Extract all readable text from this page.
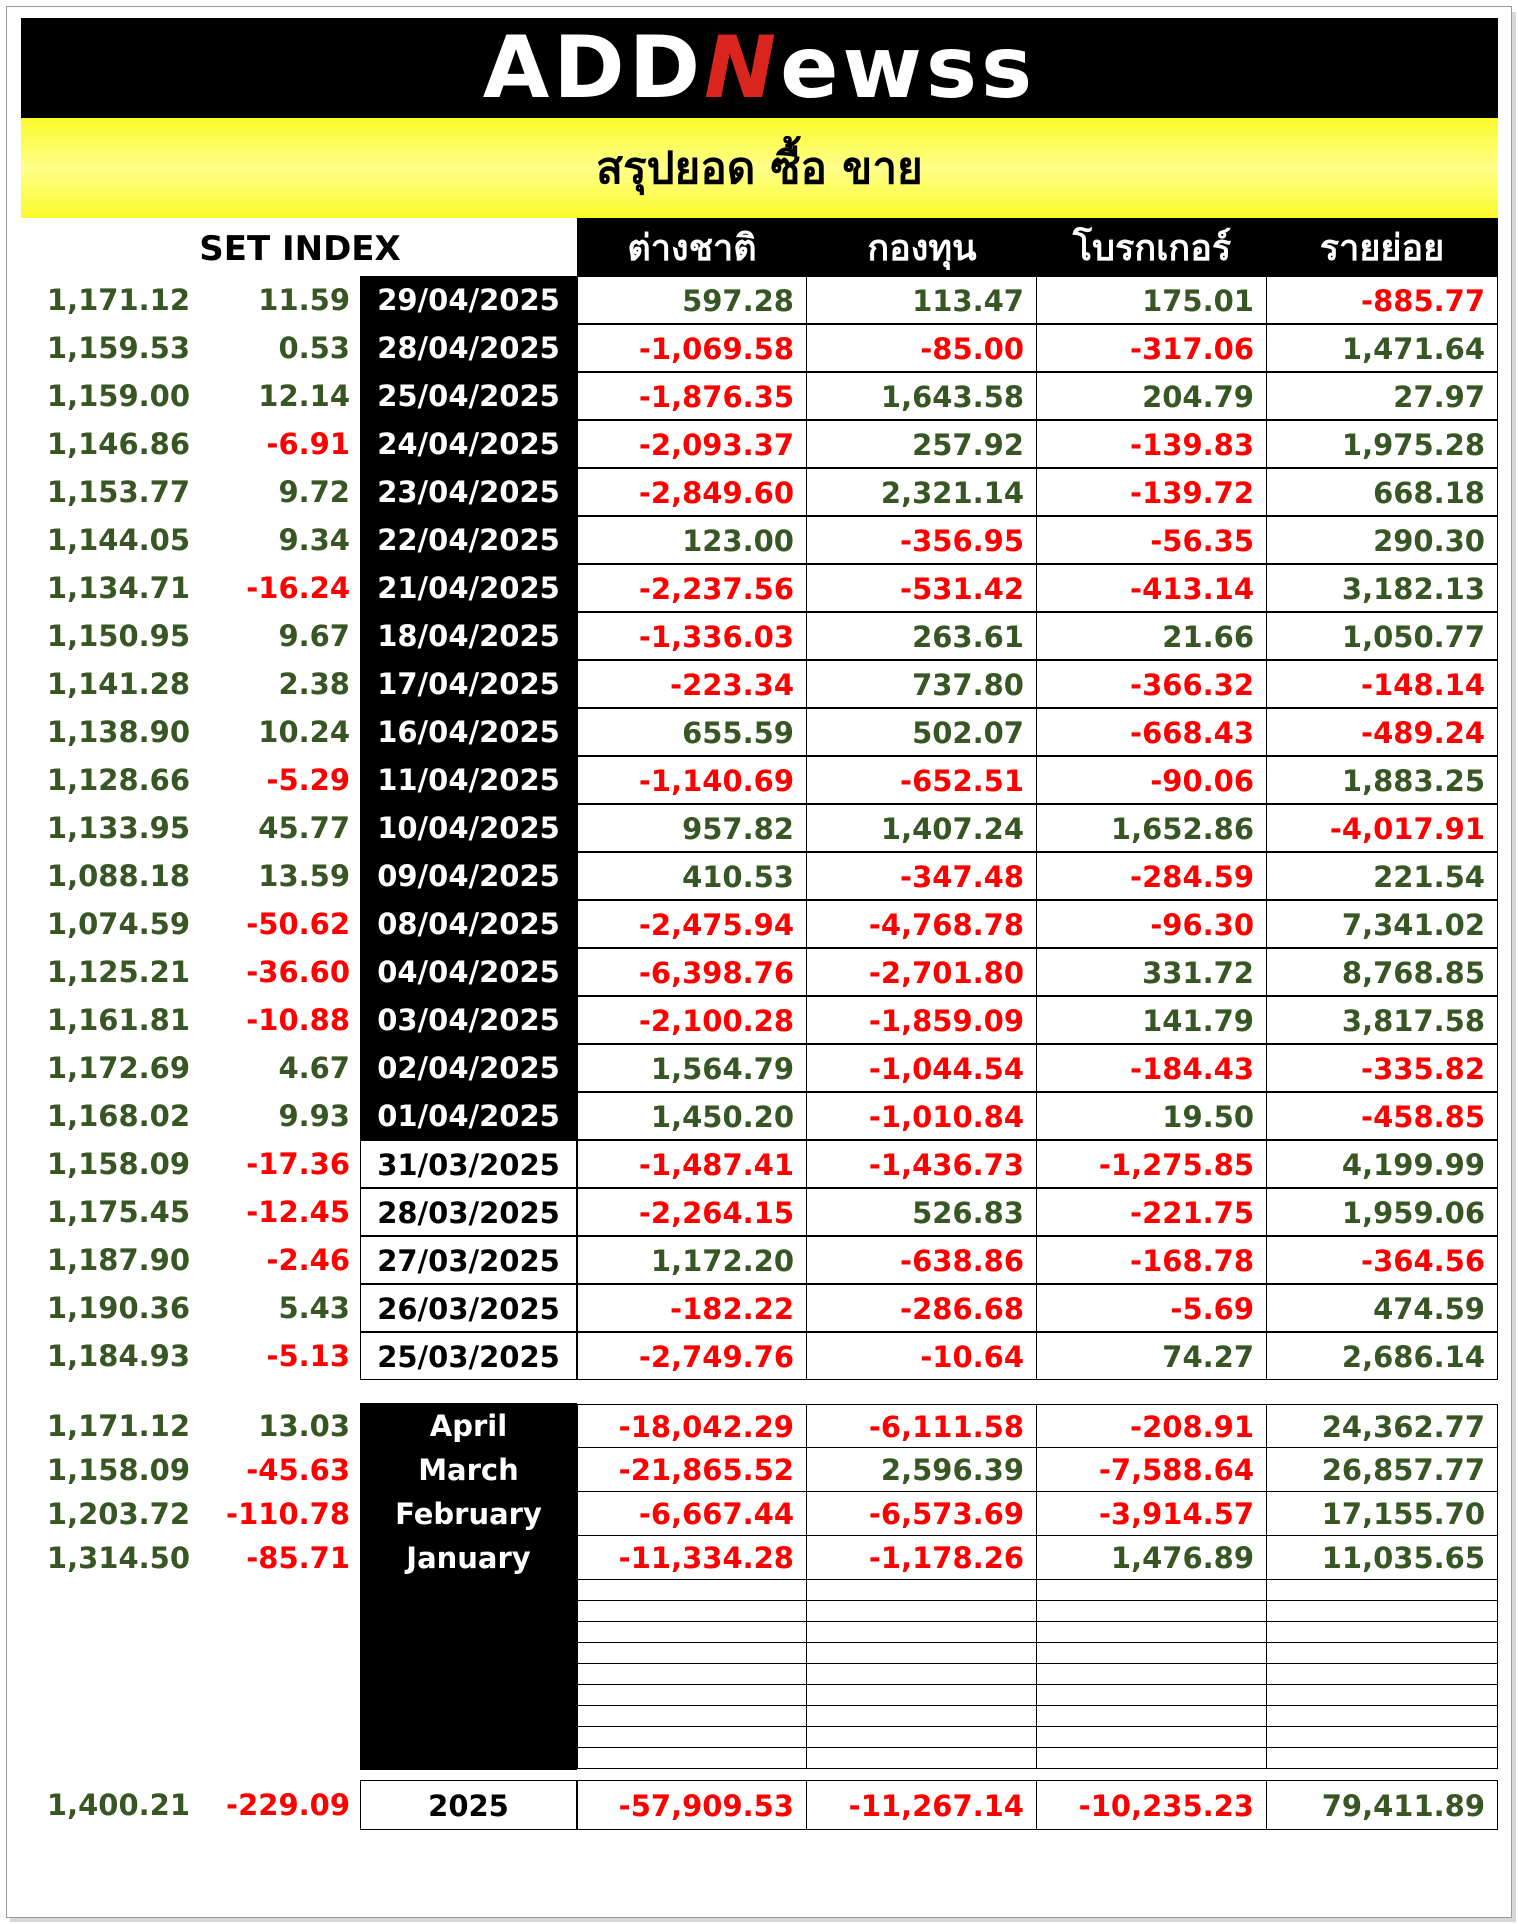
ADD N ewss
สรุปยอด ซื้อ ขาย
SET INDEX	ต่างชาติ	กองทุน	โบรกเกอร์	รายย่อย
1,171.12	11.59 29/04/2025	597.28	113.47	175.01	-885.77
1,159.53	0.53 28/04/2025	-1,069.58	-85.00	-317.06	1,471.64
1,159.00	12.14 25/04/2025	-1,876.35	1,643.58	204.79	27.97
1,146.86	-6.91 24/04/2025	-2,093.37	257.92	-139.83	1,975.28
1,153.77	9.72 23/04/2025	-2,849.60	2,321.14	-139.72	668.18
1,144.05	9.34 22/04/2025	123.00	-356.95	-56.35	290.30
1,134.71	-16.24 21/04/2025	-2,237.56	-531.42	-413.14	3,182.13
1,150.95	9.67 18/04/2025	-1,336.03	263.61	21.66	1,050.77
1,141.28	2.38 17/04/2025	-223.34	737.80	-366.32	-148.14
1,138.90	10.24 16/04/2025	655.59	502.07	-668.43	-489.24
1,128.66	-5.29 11/04/2025	-1,140.69	-652.51	-90.06	1,883.25
1,133.95	45.77 10/04/2025	957.82	1,407.24	1,652.86	-4,017.91
1,088.18	13.59 09/04/2025	410.53	-347.48	-284.59	221.54
1,074.59	-50.62 08/04/2025	-2,475.94	-4,768.78	-96.30	7,341.02
1,125.21	-36.60 04/04/2025	-6,398.76	-2,701.80	331.72	8,768.85
1,161.81	-10.88 03/04/2025	-2,100.28	-1,859.09	141.79	3,817.58
1,172.69	4.67 02/04/2025	1,564.79	-1,044.54	-184.43	-335.82
1,168.02	9.93 01/04/2025	1,450.20	-1,010.84	19.50	-458.85
1,158.09	-17.36 31/03/2025	-1,487.41	-1,436.73	-1,275.85	4,199.99
1,175.45	-12.45 28/03/2025	-2,264.15	526.83	-221.75	1,959.06
1,187.90	-2.46 27/03/2025	1,172.20	-638.86	-168.78	-364.56
1,190.36	5.43 26/03/2025	-182.22	-286.68	-5.69	474.59
1,184.93	-5.13 25/03/2025	-2,749.76	-10.64	74.27	2,686.14
1,171.12	13.03	April	-18,042.29	-6,111.58	-208.91	24,362.77
1,158.09	-45.63	March	-21,865.52	2,596.39	-7,588.64	26,857.77
1,203.72	-110.78	February	-6,667.44	-6,573.69	-3,914.57	17,155.70
1,314.50	-85.71	January	-11,334.28	-1,178.26	1,476.89	11,035.65
1,400.21	-229.09	2025	-57,909.53	-11,267.14	-10,235.23	79,411.89
